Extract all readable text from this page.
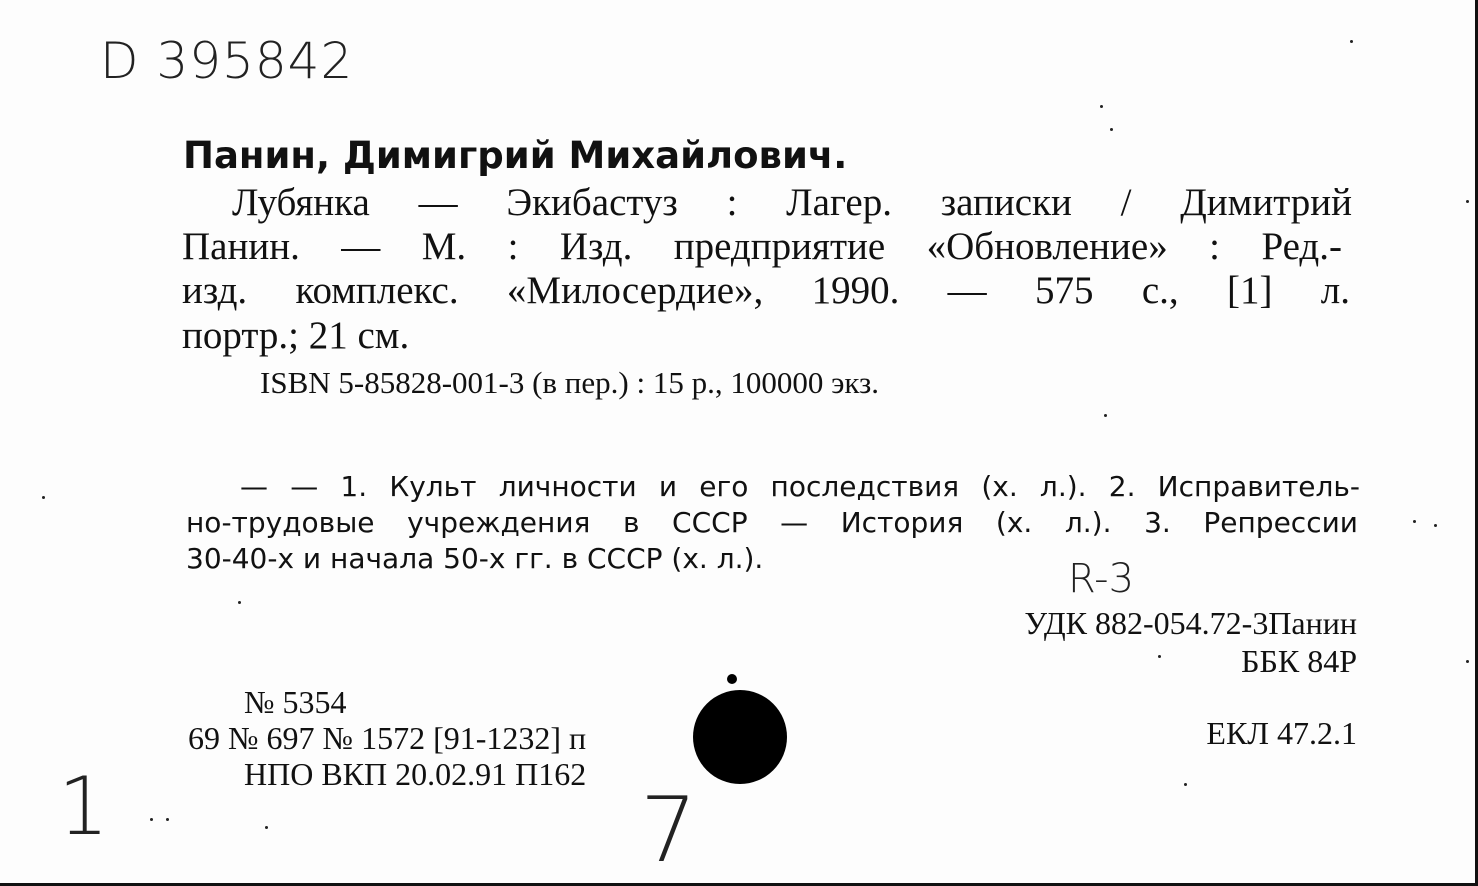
D 395842
Панин, Димигрий Михайлович.
Лубянка — Экибастуз : Лагер. записки / Димитрий
Панин. — М. : Изд. предприятие «Обновление» : Ред.-
изд. комплекс. «Милосердие», 1990. — 575 с., [1] л.
портр.; 21 см.
ISBN 5-85828-001-3 (в пер.) : 15 р., 100000 экз.
— — 1. Культ личности и его последствия (х. л.). 2. Исправитель-
но-трудовые учреждения в СССР — История (х. л.). 3. Репрессии
30-40-х и начала 50-х гг. в СССР (х. л.).	R-3
УДК 882-054.72-3Панин
ББК 84Р
ЕКЛ 47.2.1
№ 5354
69 № 697 № 1572 [91-1232] п
НПО ВКП 20.02.91 П162
1	7
